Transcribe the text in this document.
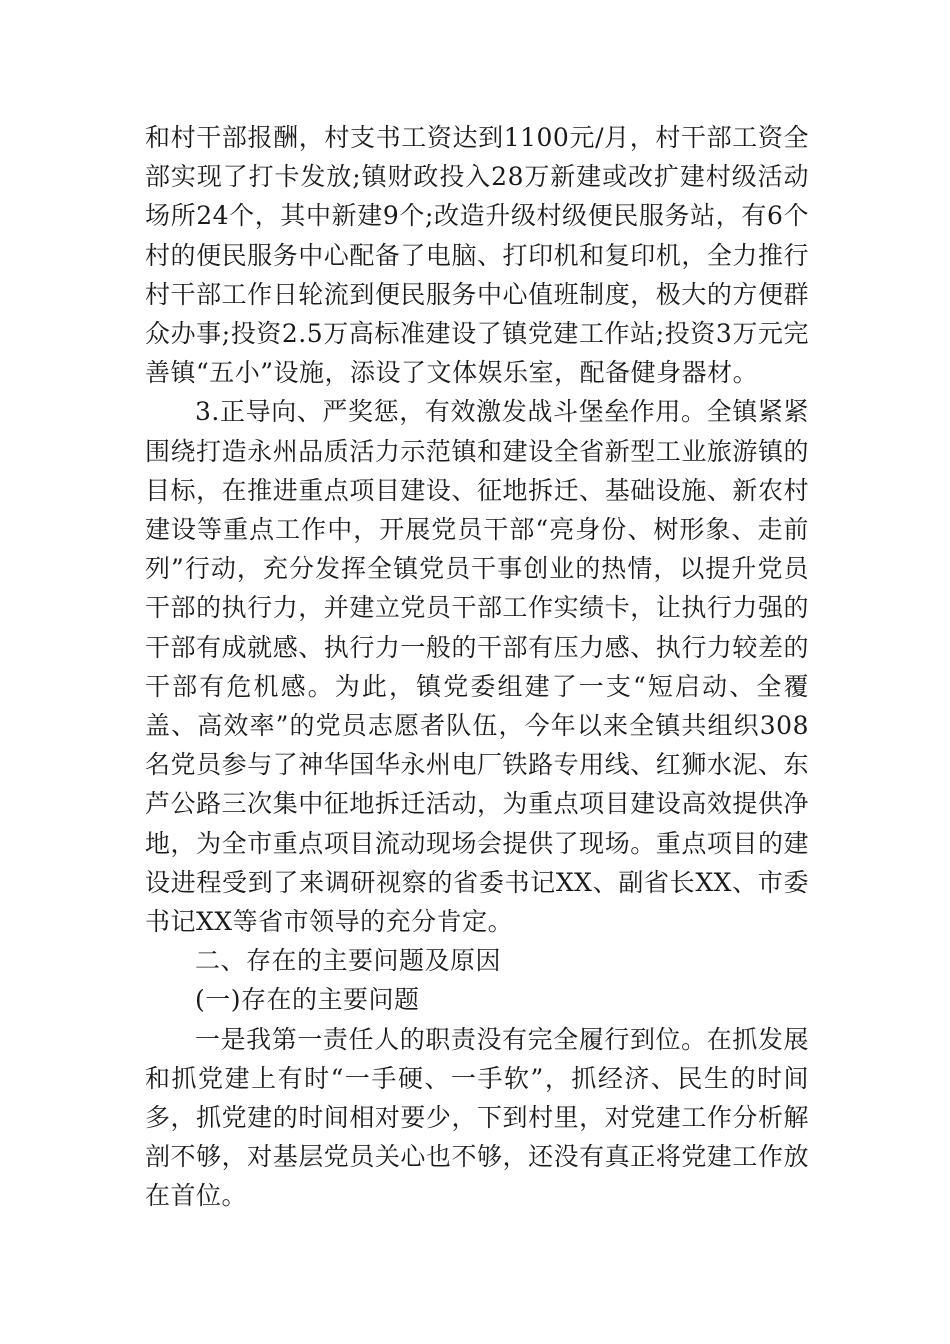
和村干部报酬，村支书工资达到1100元/月，村干部工资全部实现了打卡发放;镇财政投入28万新建或改扩建村级活动场所24个，其中新建9个;改造升级村级便民服务站，有6个村的便民服务中心配备了电脑、打印机和复印机，全力推行村干部工作日轮流到便民服务中心值班制度，极大的方便群众办事;投资2.5万高标准建设了镇党建工作站;投资3万元完善镇“五小”设施，添设了文体娱乐室，配备健身器材。

3.正导向、严奖惩，有效激发战斗堡垒作用。全镇紧紧围绕打造永州品质活力示范镇和建设全省新型工业旅游镇的目标，在推进重点项目建设、征地拆迁、基础设施、新农村建设等重点工作中，开展党员干部“亮身份、树形象、走前列”行动，充分发挥全镇党员干事创业的热情，以提升党员干部的执行力，并建立党员干部工作实绩卡，让执行力强的干部有成就感、执行力一般的干部有压力感、执行力较差的干部有危机感。为此，镇党委组建了一支“短启动、全覆盖、高效率”的党员志愿者队伍，今年以来全镇共组织308名党员参与了神华国华永州电厂铁路专用线、红狮水泥、东芦公路三次集中征地拆迁活动，为重点项目建设高效提供净地，为全市重点项目流动现场会提供了现场。重点项目的建设进程受到了来调研视察的省委书记XX、副省长XX、市委书记XX等省市领导的充分肯定。

二、存在的主要问题及原因

(一)存在的主要问题

一是我第一责任人的职责没有完全履行到位。在抓发展和抓党建上有时“一手硬、一手软”，抓经济、民生的时间多，抓党建的时间相对要少，下到村里，对党建工作分析解剖不够，对基层党员关心也不够，还没有真正将党建工作放在首位。
